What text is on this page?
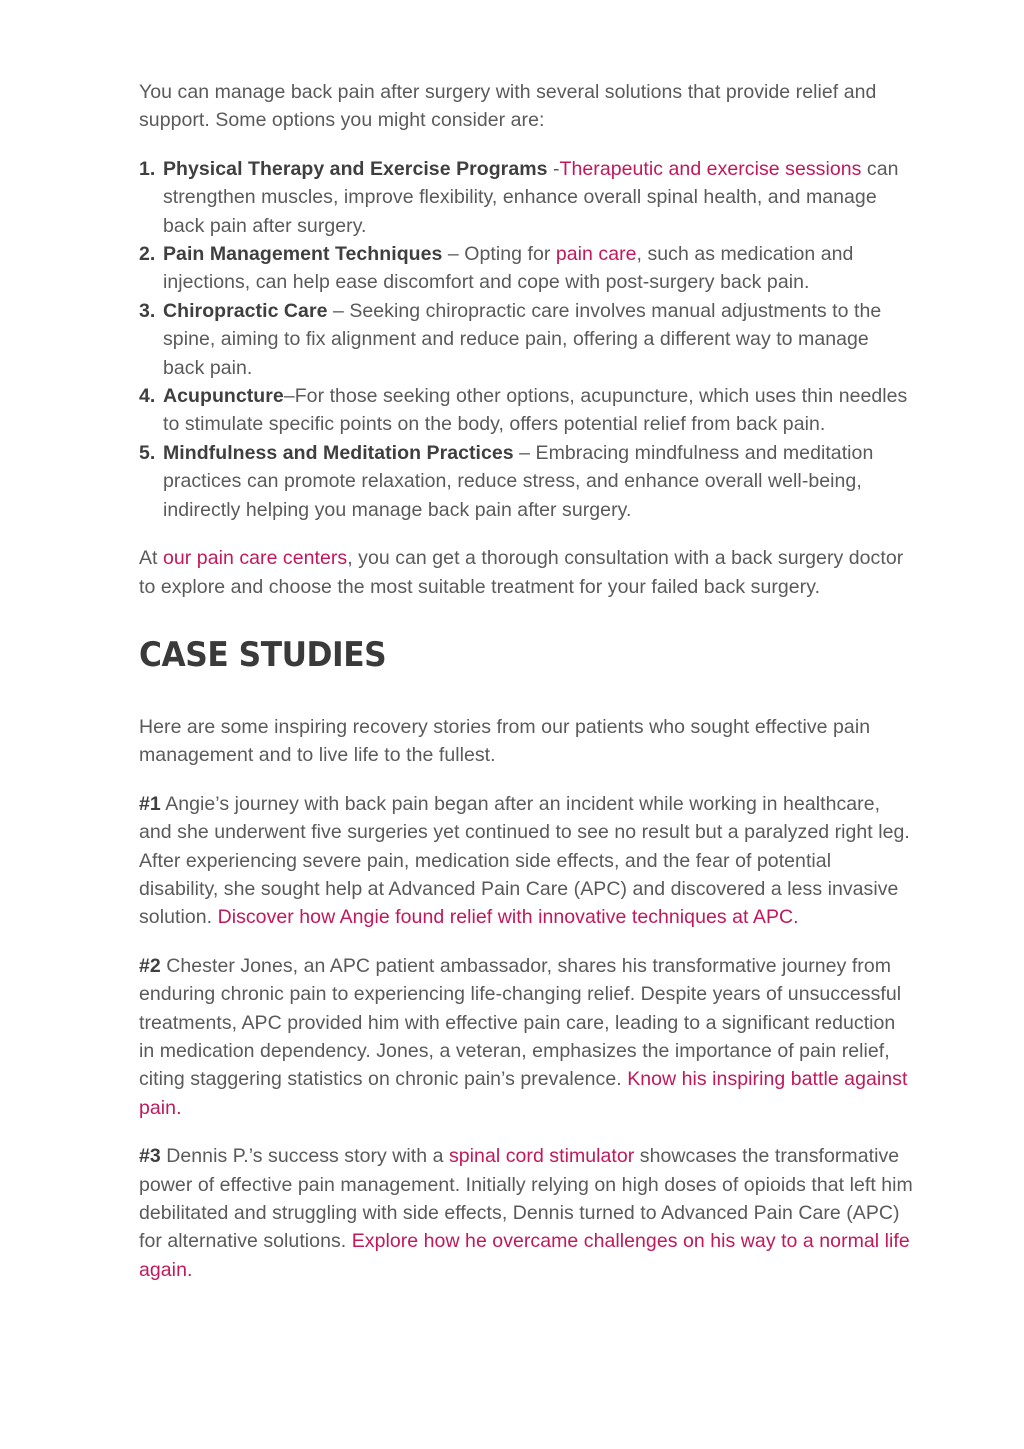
You can manage back pain after surgery with several solutions that provide relief and support. Some options you might consider are:

1. Physical Therapy and Exercise Programs -Therapeutic and exercise sessions can strengthen muscles, improve flexibility, enhance overall spinal health, and manage back pain after surgery.
2. Pain Management Techniques – Opting for pain care, such as medication and injections, can help ease discomfort and cope with post-surgery back pain.
3. Chiropractic Care – Seeking chiropractic care involves manual adjustments to the spine, aiming to fix alignment and reduce pain, offering a different way to manage back pain.
4. Acupuncture–For those seeking other options, acupuncture, which uses thin needles to stimulate specific points on the body, offers potential relief from back pain.
5. Mindfulness and Meditation Practices – Embracing mindfulness and meditation practices can promote relaxation, reduce stress, and enhance overall well-being, indirectly helping you manage back pain after surgery.

At our pain care centers, you can get a thorough consultation with a back surgery doctor to explore and choose the most suitable treatment for your failed back surgery.

CASE STUDIES

Here are some inspiring recovery stories from our patients who sought effective pain management and to live life to the fullest.

#1 Angie’s journey with back pain began after an incident while working in healthcare, and she underwent five surgeries yet continued to see no result but a paralyzed right leg. After experiencing severe pain, medication side effects, and the fear of potential disability, she sought help at Advanced Pain Care (APC) and discovered a less invasive solution. Discover how Angie found relief with innovative techniques at APC.

#2 Chester Jones, an APC patient ambassador, shares his transformative journey from enduring chronic pain to experiencing life-changing relief. Despite years of unsuccessful treatments, APC provided him with effective pain care, leading to a significant reduction in medication dependency. Jones, a veteran, emphasizes the importance of pain relief, citing staggering statistics on chronic pain’s prevalence. Know his inspiring battle against pain.

#3 Dennis P.’s success story with a spinal cord stimulator showcases the transformative power of effective pain management. Initially relying on high doses of opioids that left him debilitated and struggling with side effects, Dennis turned to Advanced Pain Care (APC) for alternative solutions. Explore how he overcame challenges on his way to a normal life again.
